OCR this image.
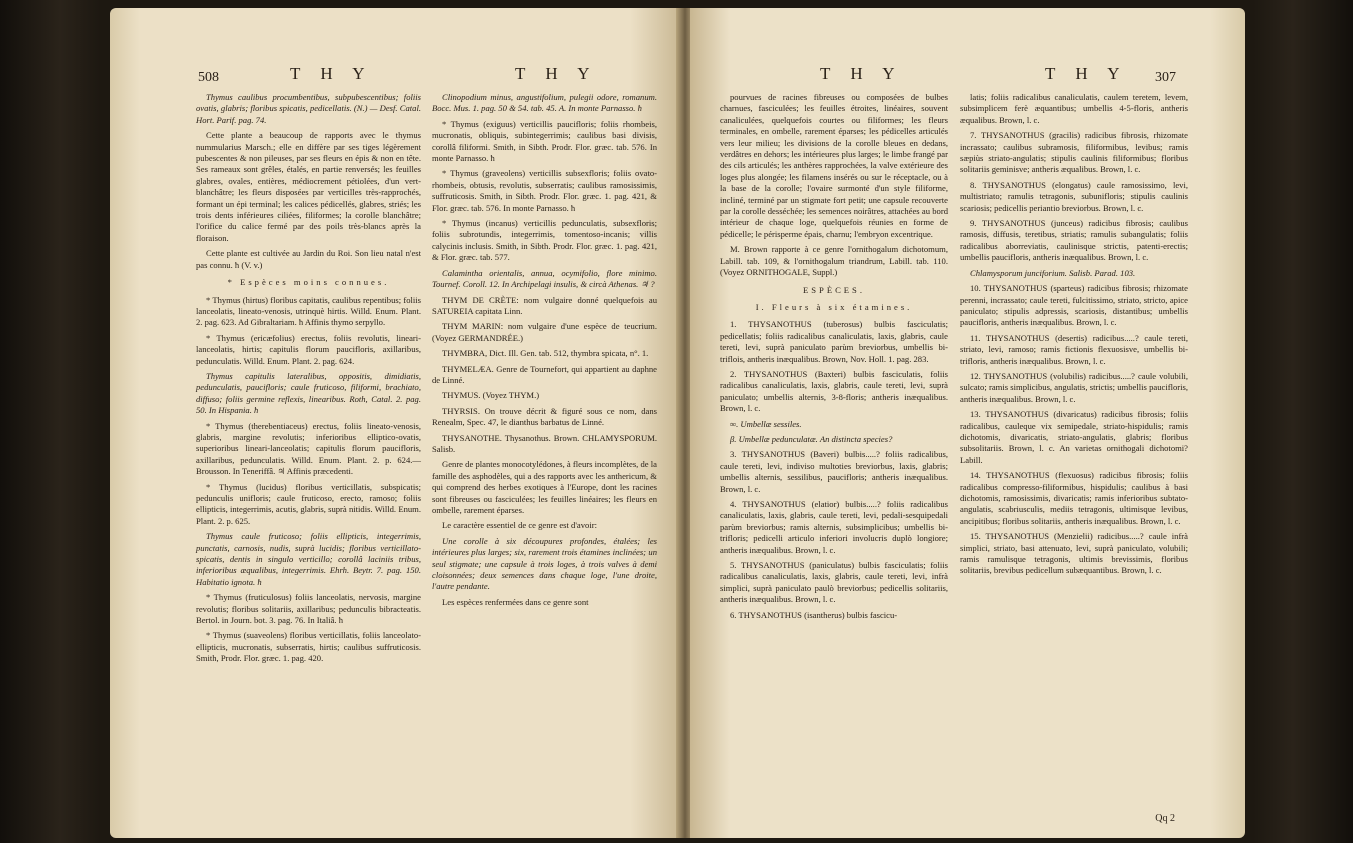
508	T H Y	T H Y

Thymus caulibus procumbentibus, subpubescentibus; foliis ovatis, glabris; floribus spicatis, pedicellatis. (N.) — Desf. Catal. Hort. Parif. pag. 74.

Cette plante a beaucoup de rapports avec le thymus nummularius Marsch.; elle en diffère par ses tiges légèrement pubescentes & non pileuses, par ses fleurs en épis & non en tête. Ses rameaux sont grêles, étalés, en partie renversés; les feuilles glabres, ovales, entières, médiocrement pétiolées, d'un vert-blanchâtre; les fleurs disposées par verticilles très-rapprochés, formant un épi terminal; les calices pédicellés, glabres, striés; les trois dents inférieures ciliées, filiformes; la corolle blanchâtre; l'orifice du calice fermé par des poils très-blancs après la floraison.

Cette plante est cultivée au Jardin du Roi. Son lieu natal n'est pas connu. ħ (V. v.)

* Espèces moins connues.

* Thymus (hirtus) floribus capitatis, caulibus repentibus; foliis lanceolatis, lineato-venosis, utrinquè hirtis. Willd. Enum. Plant. 2. pag. 623. Ad Gibraltariam. ħ Affinis thymo serpyllo.

* Thymus (ericæfolius) erectus, foliis revolutis, lineari-lanceolatis, hirtis; capitulis florum paucifloris, axillaribus, pedunculatis. Willd. Enum. Plant. 2. pag. 624.

Thymus capitulis lateralibus, oppositis, dimidiatis, pedunculatis, paucifloris; caule fruticoso, filiformi, brachiato, diffuso; foliis germine reflexis, linearibus. Roth, Catal. 2. pag. 50. In Hispania. ħ

* Thymus (therebentiaceus) erectus, foliis lineato-venosis, glabris, margine revolutis; inferioribus elliptico-ovatis, superioribus lineari-lanceolatis; capitulis florum paucifloris, axillaribus, pedunculatis. Willd. Enum. Plant. 2. p. 624.—Brousson. In Teneriffâ. ♃ Affinis præcedenti.

* Thymus (lucidus) floribus verticillatis, subspicatis; pedunculis unifloris; caule fruticoso, erecto, ramoso; foliis ellipticis, integerrimis, acutis, glabris, suprà nitidis. Willd. Enum. Plant. 2. p. 625.

Thymus caule fruticoso; foliis ellipticis, integerrimis, punctatis, carnosis, nudis, suprà lucidis; floribus verticillato-spicatis, dentis in singulo verticillo; corollâ laciniis tribus, inferioribus æqualibus, integerrimis. Ehrh. Beytr. 7. pag. 150. Habitatio ignota. ħ

* Thymus (fruticulosus) foliis lanceolatis, nervosis, margine revolutis; floribus solitariis, axillaribus; pedunculis bibracteatis. Bertol. in Journ. bot. 3. pag. 76. In Italiâ. ħ

* Thymus (suaveolens) floribus verticillatis, foliis lanceolato-ellipticis, mucronatis, subserratis, hirtis; caulibus suffruticosis. Smith, Prodr. Flor. græc. 1. pag. 420.

Clinopodium minus, angustifolium, pulegii odore, romanum. Bocc. Mus. 1. pag. 50 & 54. tab. 45. A. In monte Parnasso. ħ

* Thymus (exiguus) verticillis paucifloris; foliis rhombeis, mucronatis, obliquis, subintegerrimis; caulibus basi divisis, corollâ filiformi. Smith, in Sibth. Prodr. Flor. græc. tab. 576. In monte Parnasso. ħ

* Thymus (graveolens) verticillis subsexfloris; foliis ovato-rhombeis, obtusis, revolutis, subserratis; caulibus ramosissimis, suffruticosis. Smith, in Sibth. Prodr. Flor. græc. 1. pag. 421, & Flor. græc. tab. 576. In monte Parnasso. ħ

* Thymus (incanus) verticillis pedunculatis, subsexfloris; foliis subrotundis, integerrimis, tomentoso-incanis; villis calycinis inclusis. Smith, in Sibth. Prodr. Flor. græc. 1. pag. 421, & Flor. græc. tab. 577.

Calamintha orientalis, annua, ocymifolio, flore minimo. Tournef. Coroll. 12. In Archipelagi insulis, & circà Athenas. ♃ ?

THYM DE CRÈTE: nom vulgaire donné quelquefois au SATUREIA capitata Linn.

THYM MARIN: nom vulgaire d'une espèce de teucrium. (Voyez GERMANDRÉE.)

THYMBRA, Dict. Ill. Gen. tab. 512, thymbra spicata, n°. 1.

THYMELÆA. Genre de Tournefort, qui appartient au daphne de Linné.

THYMUS. (Voyez THYM.)

THYRSIS. On trouve décrit & figuré sous ce nom, dans Renealm, Spec. 47, le dianthus barbatus de Linné.

THYSANOTHE. Thysanothus. Brown. CHLAMYSPORUM. Salisb.

Genre de plantes monocotylédones, à fleurs incomplètes, de la famille des asphodèles, qui a des rapports avec les anthericum, & qui comprend des herbes exotiques à l'Europe, dont les racines sont fibreuses ou fasciculées; les feuilles linéaires; les fleurs en ombelle, rarement éparses.

Le caractère essentiel de ce genre est d'avoir:

Une corolle à six découpures profondes, étalées; les intérieures plus larges; six, rarement trois étamines inclinées; un seul stigmate; une capsule à trois loges, à trois valves à demi cloisonnées; deux semences dans chaque loge, l'une droite, l'autre pendante.

Les espèces renfermées dans ce genre sont

T H Y	T H Y 307

pourvues de racines fibreuses ou composées de bulbes charnues, fasciculées; les feuilles étroites, linéaires, souvent canaliculées, quelquefois courtes ou filiformes; les fleurs terminales, en ombelle, rarement éparses; les pédicelles articulés vers leur milieu; les divisions de la corolle bleues en dedans, verdâtres en dehors; les intérieures plus larges; le limbe frangé par des cils articulés; les anthères rapprochées, la valve extérieure des loges plus alongée; les filamens insérés ou sur le réceptacle, ou à la base de la corolle; l'ovaire surmonté d'un style filiforme, incliné, terminé par un stigmate fort petit; une capsule recouverte par la corolle desséchée; les semences noirâtres, attachées au bord intérieur de chaque loge, quelquefois réunies en forme de pédicelle; le périsperme épais, charnu; l'embryon excentrique.

M. Brown rapporte à ce genre l'ornithogalum dichotomum, Labill. tab. 109, & l'ornithogalum triandrum, Labill. tab. 110. (Voyez ORNITHOGALE, Suppl.)

ESPÈCES.

I. Fleurs à six étamines.

1. THYSANOTHUS (tuberosus) bulbis fasciculatis; pedicellatis; foliis radicalibus canaliculatis, laxis, glabris, caule tereti, levi, suprà paniculato parùm breviorbus, umbellis bi-triflois, antheris inæqualibus. Brown, Nov. Holl. 1. pag. 283.

2. THYSANOTHUS (Baxteri) bulbis fasciculatis, foliis radicalibus canaliculatis, laxis, glabris, caule tereti, levi, suprà paniculato; umbellis alternis, 3-8-floris; antheris inæqualibus. Brown, l. c.

∞. Umbellæ sessiles.

β. Umbellæ pedunculatæ. An distincta species?

3. THYSANOTHUS (Baveri) bulbis.....? foliis radicalibus, caule tereti, levi, indiviso multoties breviorbus, laxis, glabris; umbellis alternis, sessilibus, paucifloris; antheris inæqualibus. Brown, l. c.

4. THYSANOTHUS (elatior) bulbis.....? foliis radicalibus canaliculatis, laxis, glabris, caule tereti, levi, pedali-sesquipedali parùm breviorbus; ramis alternis, subsimplicibus; umbellis bi-trifloris; pedicelli articulo inferiori involucris duplò longiore; antheris inæqualibus. Brown, l. c.

5. THYSANOTHUS (paniculatus) bulbis fasciculatis; foliis radicalibus canaliculatis, laxis, glabris, caule tereti, levi, infrà simplici, suprà paniculato paulò breviorbus; pedicellis solitariis, antheris inæqualibus. Brown, l. c.

6. THYSANOTHUS (isantherus) bulbis fascicu-

latis; foliis radicalibus canaliculatis, caulem teretem, levem, subsimplicem ferè æquantibus; umbellis 4-5-floris, antheris æqualibus. Brown, l. c.

7. THYSANOTHUS (gracilis) radicibus fibrosis, rhizomate incrassato; caulibus subramosis, filiformibus, levibus; ramis sæpiùs striato-angulatis; stipulis caulinis filiformibus; floribus solitariis geminisve; antheris æqualibus. Brown, l. c.

8. THYSANOTHUS (elongatus) caule ramosissimo, levi, multistriato; ramulis tetragonis, subunifloris; stipulis caulinis scariosis; pedicellis periantio breviorbus. Brown, l. c.

9. THYSANOTHUS (junceus) radicibus fibrosis; caulibus ramosis, diffusis, teretibus, striatis; ramulis subangulatis; foliis radicalibus aborreviatis, caulinisque strictis, patenti-erectis; umbellis paucifloris, antheris inæqualibus. Brown, l. c.

Chlamysporum junciforium. Salisb. Parad. 103.

10. THYSANOTHUS (sparteus) radicibus fibrosis; rhizomate perenni, incrassato; caule tereti, fulcitissimo, striato, stricto, apice paniculato; stipulis adpressis, scariosis, distantibus; umbellis paucifloris, antheris inæqualibus. Brown, l. c.

11. THYSANOTHUS (desertis) radicibus.....? caule tereti, striato, levi, ramoso; ramis fictionis flexuosisve, umbellis bi-trifloris, antheris inæqualibus. Brown, l. c.

12. THYSANOTHUS (volubilis) radicibus.....? caule volubili, sulcato; ramis simplicibus, angulatis, strictis; umbellis paucifloris, antheris inæqualibus. Brown, l. c.

13. THYSANOTHUS (divaricatus) radicibus fibrosis; foliis radicalibus, cauleque vix semipedale, striato-hispidulis; ramis dichotomis, divaricatis, striato-angulatis, glabris; floribus subsolitariis. Brown, l. c. An varietas ornithogali dichotomi? Labill.

14. THYSANOTHUS (flexuosus) radicibus fibrosis; foliis radicalibus compresso-filiformibus, hispidulis; caulibus à basi dichotomis, ramosissimis, divaricatis; ramis inferioribus subtato-angulatis, scabriusculis, mediis tetragonis, ultimisque levibus, ancipitibus; floribus solitariis, antheris inæqualibus. Brown, l. c.

15. THYSANOTHUS (Menzielii) radicibus.....? caule infrà simplici, striato, basi attenuato, levi, suprà paniculato, volubili; ramis ramulisque tetragonis, ultimis brevissimis, floribus solitariis, brevibus pedicellum subæquantibus. Brown, l. c.

Qq 2
